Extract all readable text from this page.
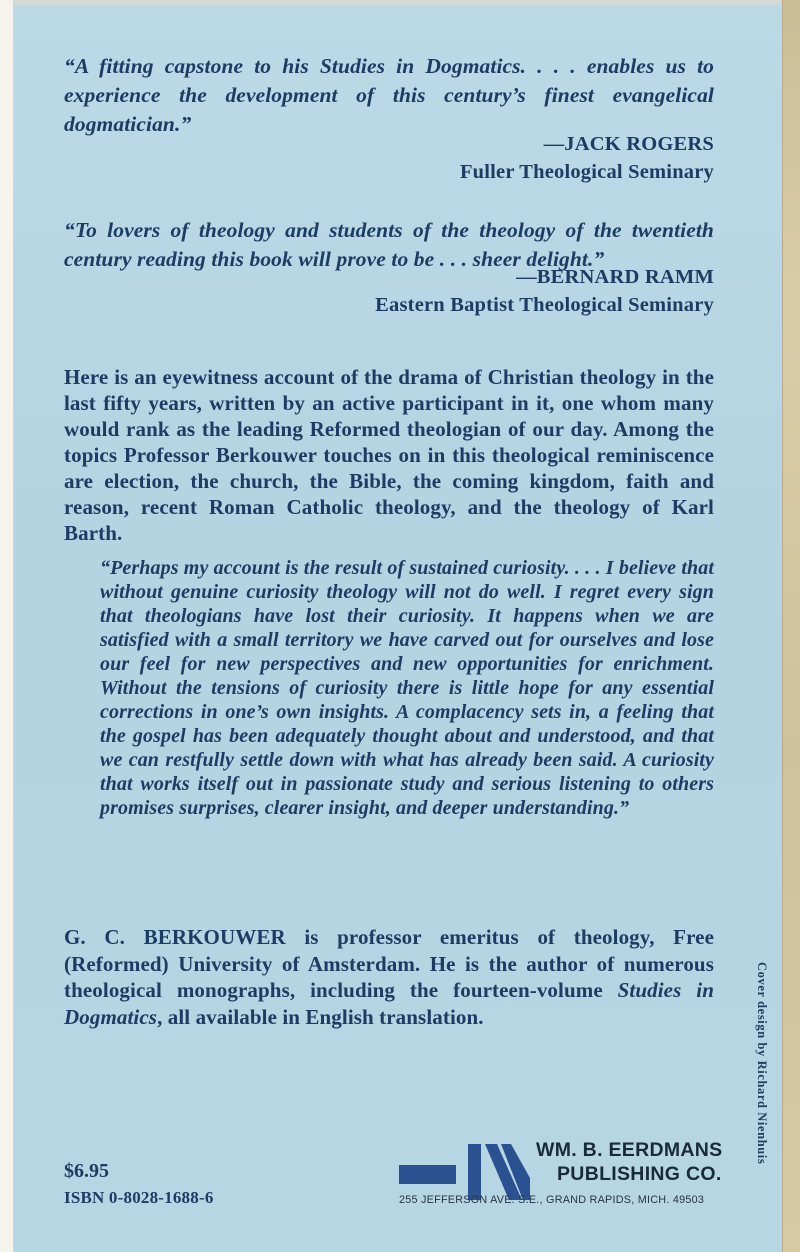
“A fitting capstone to his Studies in Dogmatics. . . . enables us to experience the development of this century’s finest evangelical dogmatician.”

—JACK ROGERS

Fuller Theological Seminary

“To lovers of theology and students of the theology of the twentieth century reading this book will prove to be . . . sheer delight.”

—BERNARD RAMM

Eastern Baptist Theological Seminary

Here is an eyewitness account of the drama of Christian theology in the last fifty years, written by an active participant in it, one whom many would rank as the leading Reformed theologian of our day. Among the topics Professor Berkouwer touches on in this theological reminiscence are election, the church, the Bible, the coming kingdom, faith and reason, recent Roman Catholic theology, and the theology of Karl Barth.

“Perhaps my account is the result of sustained curiosity. . . . I believe that without genuine curiosity theology will not do well. I regret every sign that theologians have lost their curiosity. It happens when we are satisfied with a small territory we have carved out for ourselves and lose our feel for new perspectives and new opportunities for enrichment. Without the tensions of curiosity there is little hope for any essential corrections in one’s own insights. A complacency sets in, a feeling that the gospel has been adequately thought about and understood, and that we can restfully settle down with what has already been said. A curiosity that works itself out in passionate study and serious listening to others promises surprises, clearer insight, and deeper understanding.”

G. C. BERKOUWER is professor emeritus of theology, Free (Reformed) University of Amsterdam. He is the author of numerous theological monographs, including the fourteen-volume Studies in Dogmatics, all available in English translation.

$6.95

ISBN 0-8028-1688-6

WM. B. EERDMANS

PUBLISHING CO.

255 JEFFERSON AVE. S.E., GRAND RAPIDS, MICH. 49503

Cover design by Richard Nienhuis
